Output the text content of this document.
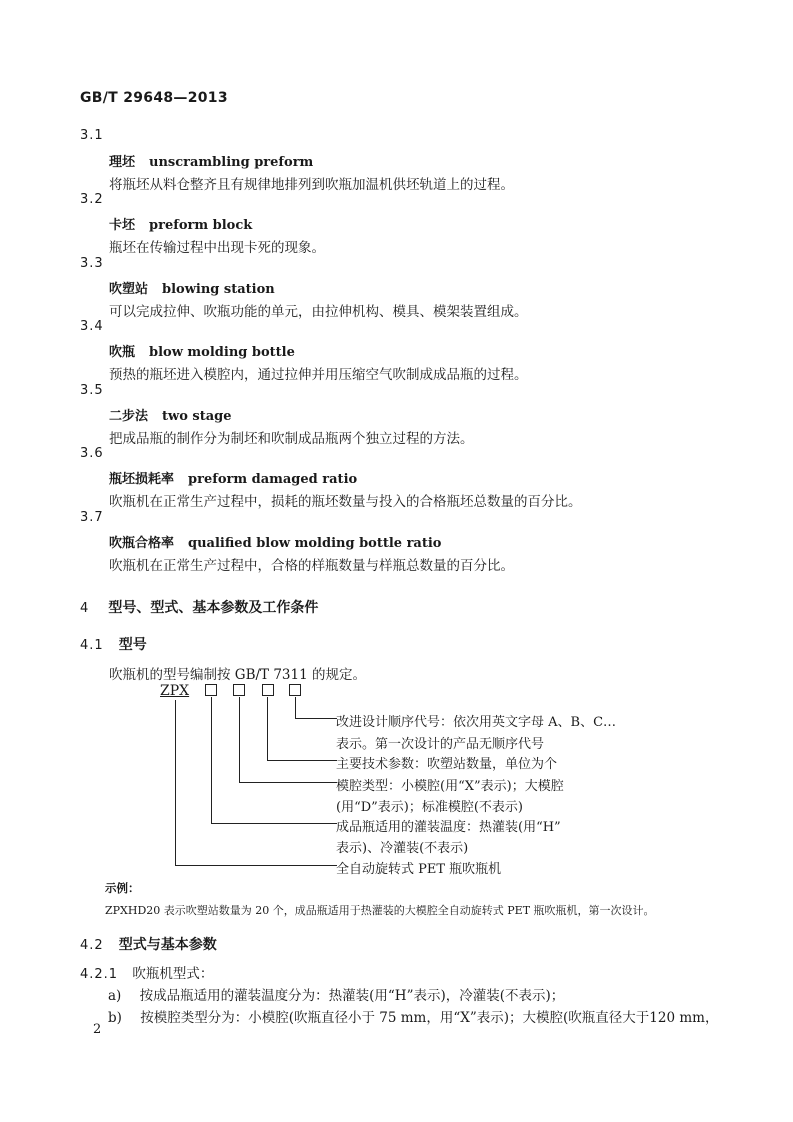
GB/T 29648—2013
3.1
理坯 unscrambling preform
将瓶坯从料仓整齐且有规律地排列到吹瓶加温机供坯轨道上的过程。
3.2
卡坯 preform block
瓶坯在传输过程中出现卡死的现象。
3.3
吹塑站 blowing station
可以完成拉伸、吹瓶功能的单元，由拉伸机构、模具、模架装置组成。
3.4
吹瓶 blow molding bottle
预热的瓶坯进入模腔内，通过拉伸并用压缩空气吹制成成品瓶的过程。
3.5
二步法 two stage
把成品瓶的制作分为制坯和吹制成品瓶两个独立过程的方法。
3.6
瓶坯损耗率 preform damaged ratio
吹瓶机在正常生产过程中，损耗的瓶坯数量与投入的合格瓶坯总数量的百分比。
3.7
吹瓶合格率 qualified blow molding bottle ratio
吹瓶机在正常生产过程中，合格的样瓶数量与样瓶总数量的百分比。
4 型号、型式、基本参数及工作条件
4.1 型号
吹瓶机的型号编制按 GB/T 7311 的规定。
ZPX
改进设计顺序代号：依次用英文字母 A、B、C…
表示。第一次设计的产品无顺序代号
主要技术参数：吹塑站数量，单位为个
模腔类型：小模腔(用“X”表示)；大模腔
(用“D”表示)；标准模腔(不表示)
成品瓶适用的灌装温度：热灌装(用“H”
表示)、冷灌装(不表示)
全自动旋转式 PET 瓶吹瓶机
示例：
ZPXHD20 表示吹塑站数量为 20 个，成品瓶适用于热灌装的大模腔全自动旋转式 PET 瓶吹瓶机，第一次设计。
4.2 型式与基本参数
4.2.1 吹瓶机型式：
a) 按成品瓶适用的灌装温度分为：热灌装(用“H”表示)，冷灌装(不表示)；
b) 按模腔类型分为：小模腔(吹瓶直径小于 75 mm，用“X”表示)；大模腔(吹瓶直径大于120 mm，
2
